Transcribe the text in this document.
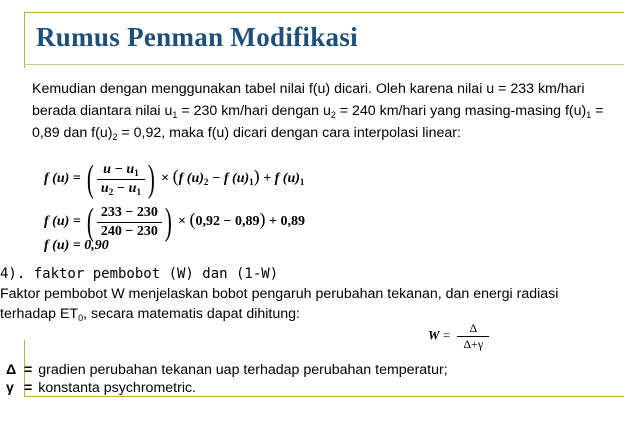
Rumus Penman Modifikasi
Kemudian dengan menggunakan tabel nilai f(u) dicari. Oleh karena nilai u = 233 km/hari berada diantara nilai $u_1 = 230$ km/hari dengan $u_2 = 240$ km/hari yang masing-masing $f(u)_1 = 0,89$ dan $f(u)_2 = 0,92$, maka f(u) dicari dengan cara interpolasi linear:
f (u) = ( $\frac{u - u_1}{u_2 - u_1}$ ) × (f $(u)_2 - f$ $(u)_1) + f$ $(u)_1$
f (u) = ( $\frac{233 - 230}{240 - 230}$ ) × (0,92 − 0,89) + 0,89
f (u) = 0,90
4). faktor pembobot (W) dan (1-W)
Faktor pembobot W menjelaskan bobot pengaruh perubahan tekanan, dan energi radiasi terhadap $ET_0$, secara matematis dapat dihitung:
$W = \frac{\Delta}{\Delta+\gamma}$
Δ = gradien perubahan tekanan uap terhadap perubahan temperatur;
γ = konstanta psychrometric.
